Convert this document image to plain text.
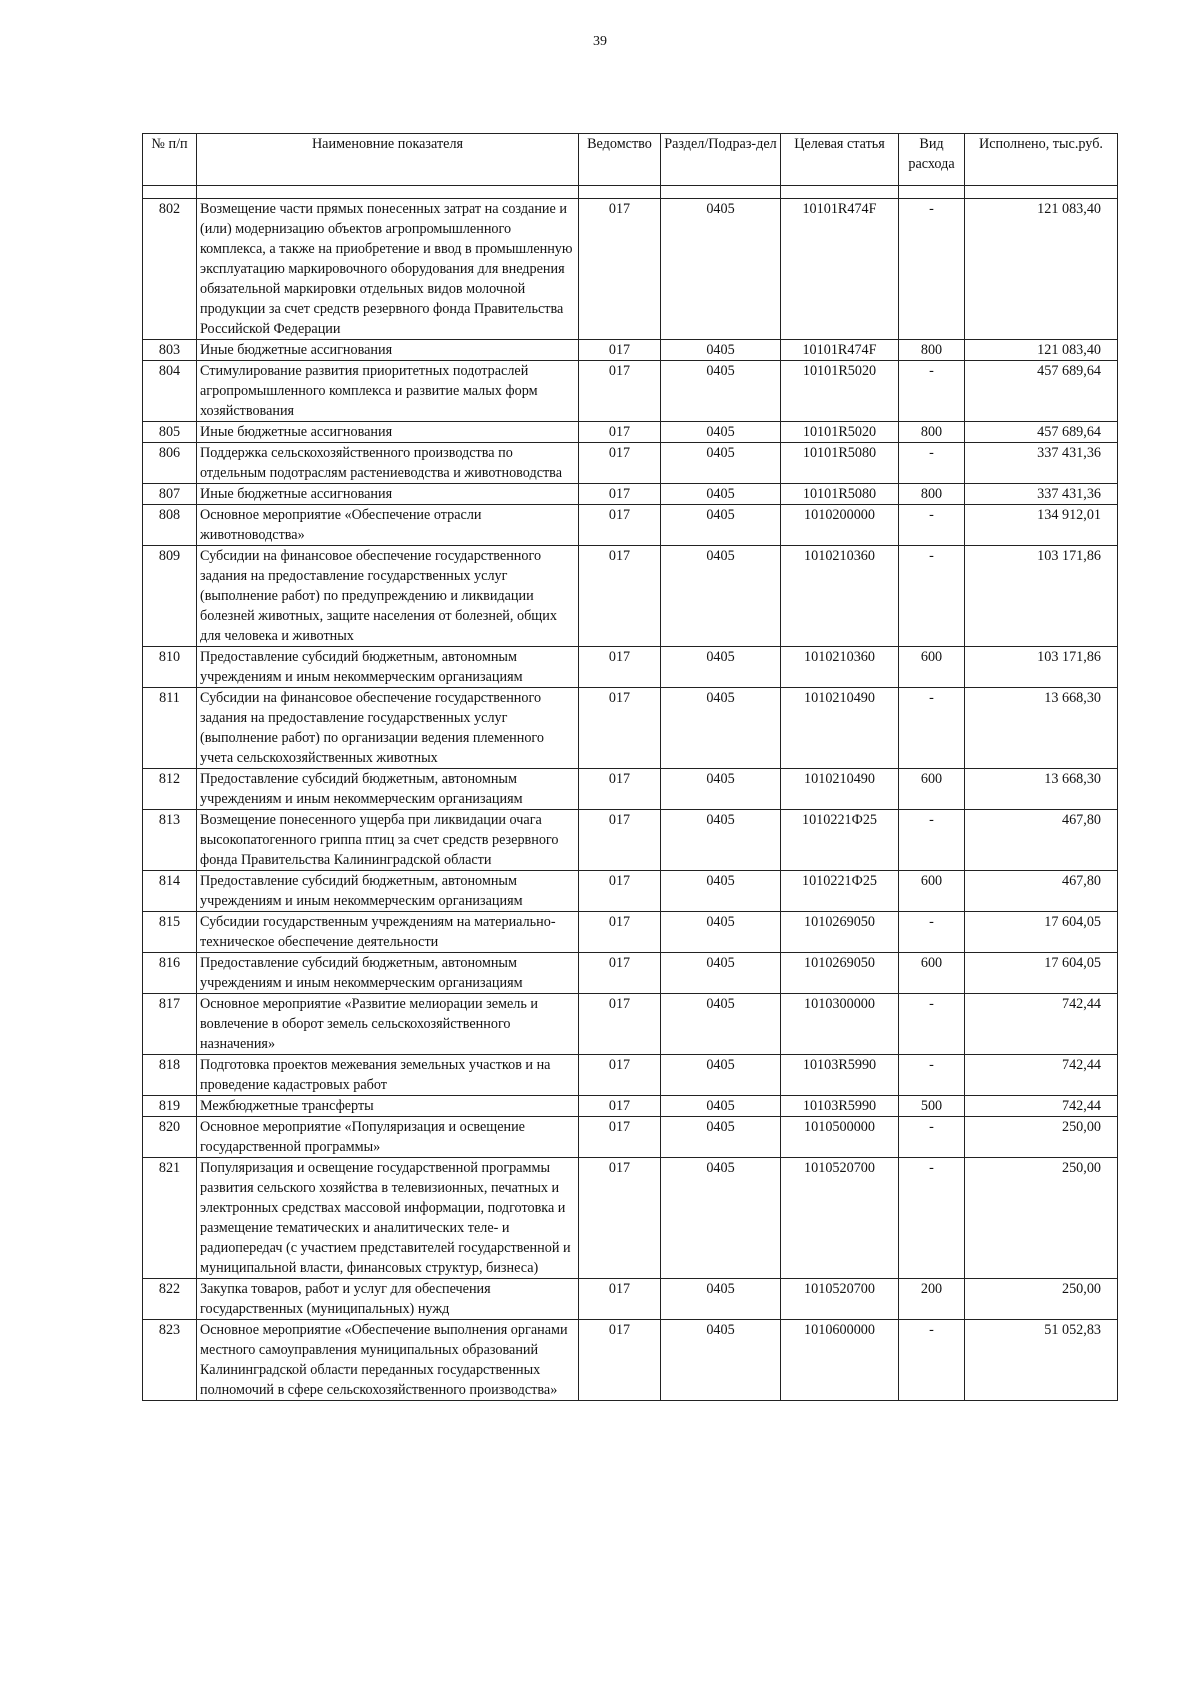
39
№ п/п	Наименовние показателя	Ведомство	Раздел/Подраз-дел	Целевая статья	Вид расхода	Исполнено, тыс.руб.

802	Возмещение части прямых понесенных затрат на создание и (или) модернизацию объектов агропромышленного комплекса, а также на приобретение и ввод в промышленную эксплуатацию маркировочного оборудования для внедрения обязательной маркировки отдельных видов молочной продукции за счет средств резервного фонда Правительства Российской Федерации	017	0405	10101R474F	-	121 083,40
803	Иные бюджетные ассигнования	017	0405	10101R474F	800	121 083,40
804	Стимулирование развития приоритетных подотраслей агропромышленного комплекса и развитие малых форм хозяйствования	017	0405	10101R5020	-	457 689,64
805	Иные бюджетные ассигнования	017	0405	10101R5020	800	457 689,64
806	Поддержка сельскохозяйственного производства по отдельным подотраслям растениеводства и животноводства	017	0405	10101R5080	-	337 431,36
807	Иные бюджетные ассигнования	017	0405	10101R5080	800	337 431,36
808	Основное мероприятие «Обеспечение отрасли животноводства»	017	0405	1010200000	-	134 912,01
809	Субсидии на финансовое обеспечение государственного задания на предоставление государственных услуг (выполнение работ) по предупреждению и ликвидации болезней животных, защите населения от болезней, общих для человека и животных	017	0405	1010210360	-	103 171,86
810	Предоставление субсидий бюджетным, автономным учреждениям и иным некоммерческим организациям	017	0405	1010210360	600	103 171,86
811	Субсидии на финансовое обеспечение государственного задания на предоставление государственных услуг (выполнение работ) по организации ведения племенного учета сельскохозяйственных животных	017	0405	1010210490	-	13 668,30
812	Предоставление субсидий бюджетным, автономным учреждениям и иным некоммерческим организациям	017	0405	1010210490	600	13 668,30
813	Возмещение понесенного ущерба при ликвидации очага высокопатогенного гриппа птиц за счет средств резервного фонда Правительства Калининградской области	017	0405	1010221Ф25	-	467,80
814	Предоставление субсидий бюджетным, автономным учреждениям и иным некоммерческим организациям	017	0405	1010221Ф25	600	467,80
815	Субсидии государственным учреждениям на материально-техническое обеспечение деятельности	017	0405	1010269050	-	17 604,05
816	Предоставление субсидий бюджетным, автономным учреждениям и иным некоммерческим организациям	017	0405	1010269050	600	17 604,05
817	Основное мероприятие «Развитие мелиорации земель и вовлечение в оборот земель сельскохозяйственного назначения»	017	0405	1010300000	-	742,44
818	Подготовка проектов межевания земельных участков и на проведение кадастровых работ	017	0405	10103R5990	-	742,44
819	Межбюджетные трансферты	017	0405	10103R5990	500	742,44
820	Основное мероприятие «Популяризация и освещение государственной программы»	017	0405	1010500000	-	250,00
821	Популяризация и освещение государственной программы развития сельского хозяйства в телевизионных, печатных и электронных средствах массовой информации, подготовка и размещение тематических и аналитических теле- и радиопередач (с участием представителей государственной и муниципальной власти, финансовых структур, бизнеса)	017	0405	1010520700	-	250,00
822	Закупка товаров, работ и услуг для обеспечения государственных (муниципальных) нужд	017	0405	1010520700	200	250,00
823	Основное мероприятие «Обеспечение выполнения органами местного самоуправления муниципальных образований Калининградской области переданных государственных полномочий в сфере сельскохозяйственного производства»	017	0405	1010600000	-	51 052,83
